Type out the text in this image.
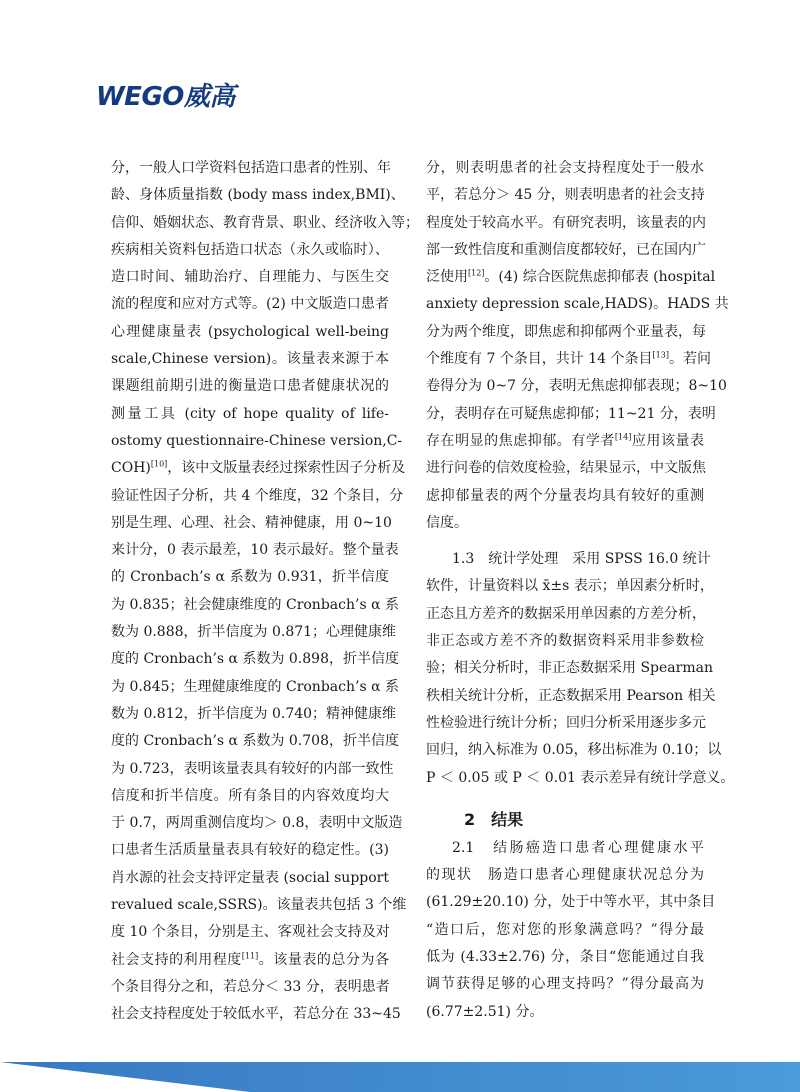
WEGO威高
分，一般人口学资料包括造口患者的性别、年
龄、身体质量指数 (body mass index,BMI)、
信仰、婚姻状态、教育背景、职业、经济收入等；
疾病相关资料包括造口状态（永久或临时）、
造口时间、辅助治疗、自理能力、与医生交
流的程度和应对方式等。(2) 中文版造口患者
心理健康量表 (psychological well-being
scale,Chinese version)。该量表来源于本
课题组前期引进的衡量造口患者健康状况的
测量工具 (city of hope quality of life-
ostomy questionnaire-Chinese version,C-
COH)[10]，该中文版量表经过探索性因子分析及
验证性因子分析，共 4 个维度，32 个条目，分
别是生理、心理、社会、精神健康，用 0~10
来计分，0 表示最差，10 表示最好。整个量表
的 Cronbach’s α 系数为 0.931，折半信度
为 0.835；社会健康维度的 Cronbach’s α 系
数为 0.888，折半信度为 0.871；心理健康维
度的 Cronbach’s α 系数为 0.898，折半信度
为 0.845；生理健康维度的 Cronbach’s α 系
数为 0.812，折半信度为 0.740；精神健康维
度的 Cronbach’s α 系数为 0.708，折半信度
为 0.723，表明该量表具有较好的内部一致性
信度和折半信度。所有条目的内容效度均大
于 0.7，两周重测信度均＞ 0.8，表明中文版造
口患者生活质量量表具有较好的稳定性。(3)
肖水源的社会支持评定量表 (social support
revalued scale,SSRS)。该量表共包括 3 个维
度 10 个条目，分别是主、客观社会支持及对
社会支持的利用程度[11]。该量表的总分为各
个条目得分之和，若总分＜ 33 分，表明患者
社会支持程度处于较低水平，若总分在 33~45
分，则表明患者的社会支持程度处于一般水
平，若总分＞ 45 分，则表明患者的社会支持
程度处于较高水平。有研究表明，该量表的内
部一致性信度和重测信度都较好，已在国内广
泛使用[12]。(4) 综合医院焦虑抑郁表 (hospital
anxiety depression scale,HADS)。HADS 共
分为两个维度，即焦虑和抑郁两个亚量表，每
个维度有 7 个条目，共计 14 个条目[13]。若问
卷得分为 0~7 分，表明无焦虑抑郁表现；8~10
分，表明存在可疑焦虑抑郁；11~21 分，表明
存在明显的焦虑抑郁。有学者[14]应用该量表
进行问卷的信效度检验，结果显示，中文版焦
虑抑郁量表的两个分量表均具有较好的重测
信度。
1.3　统计学处理　采用 SPSS 16.0 统计
软件，计量资料以 x̄±s 表示；单因素分析时，
正态且方差齐的数据采用单因素的方差分析，
非正态或方差不齐的数据资料采用非参数检
验；相关分析时，非正态数据采用 Spearman
秩相关统计分析，正态数据采用 Pearson 相关
性检验进行统计分析；回归分析采用逐步多元
回归，纳入标准为 0.05，移出标准为 0.10；以
P ＜ 0.05 或 P ＜ 0.01 表示差异有统计学意义。
2　结果
2.1　结肠癌造口患者心理健康水平
的现状　肠造口患者心理健康状况总分为
(61.29±20.10) 分，处于中等水平，其中条目
“造口后，您对您的形象满意吗？”得分最
低为 (4.33±2.76) 分，条目“您能通过自我
调节获得足够的心理支持吗？”得分最高为
(6.77±2.51) 分。
